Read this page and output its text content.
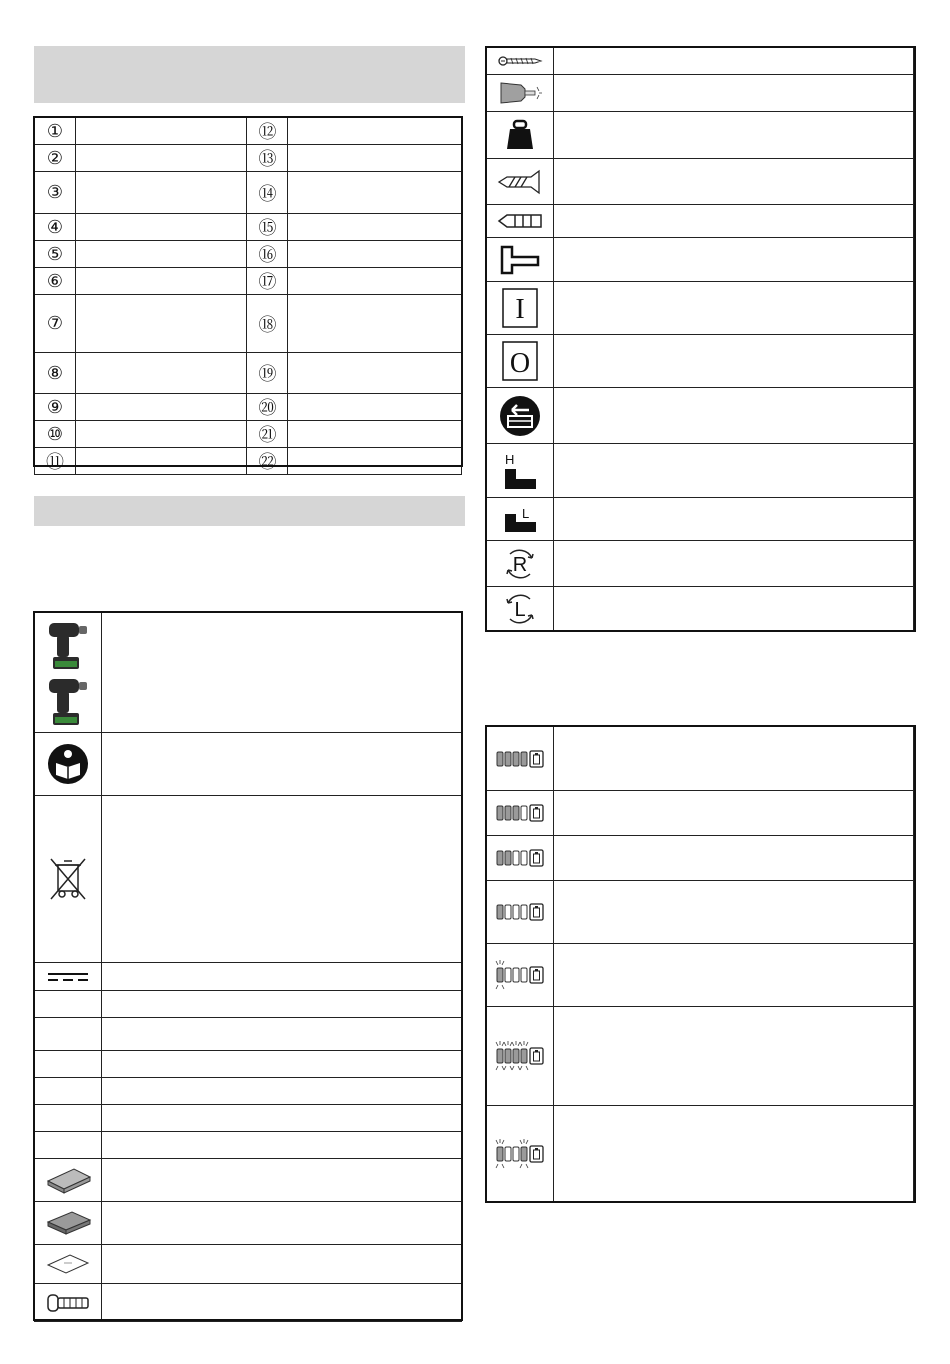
①		⑫	
②		⑬	
③		⑭	
④		⑮	
⑤		⑯	
⑥		⑰	
⑦		⑱	
⑧		⑲	
⑨		⑳	
⑩		㉑	
⑪		㉒	

I	

O	

H	

L	

R	

L	
